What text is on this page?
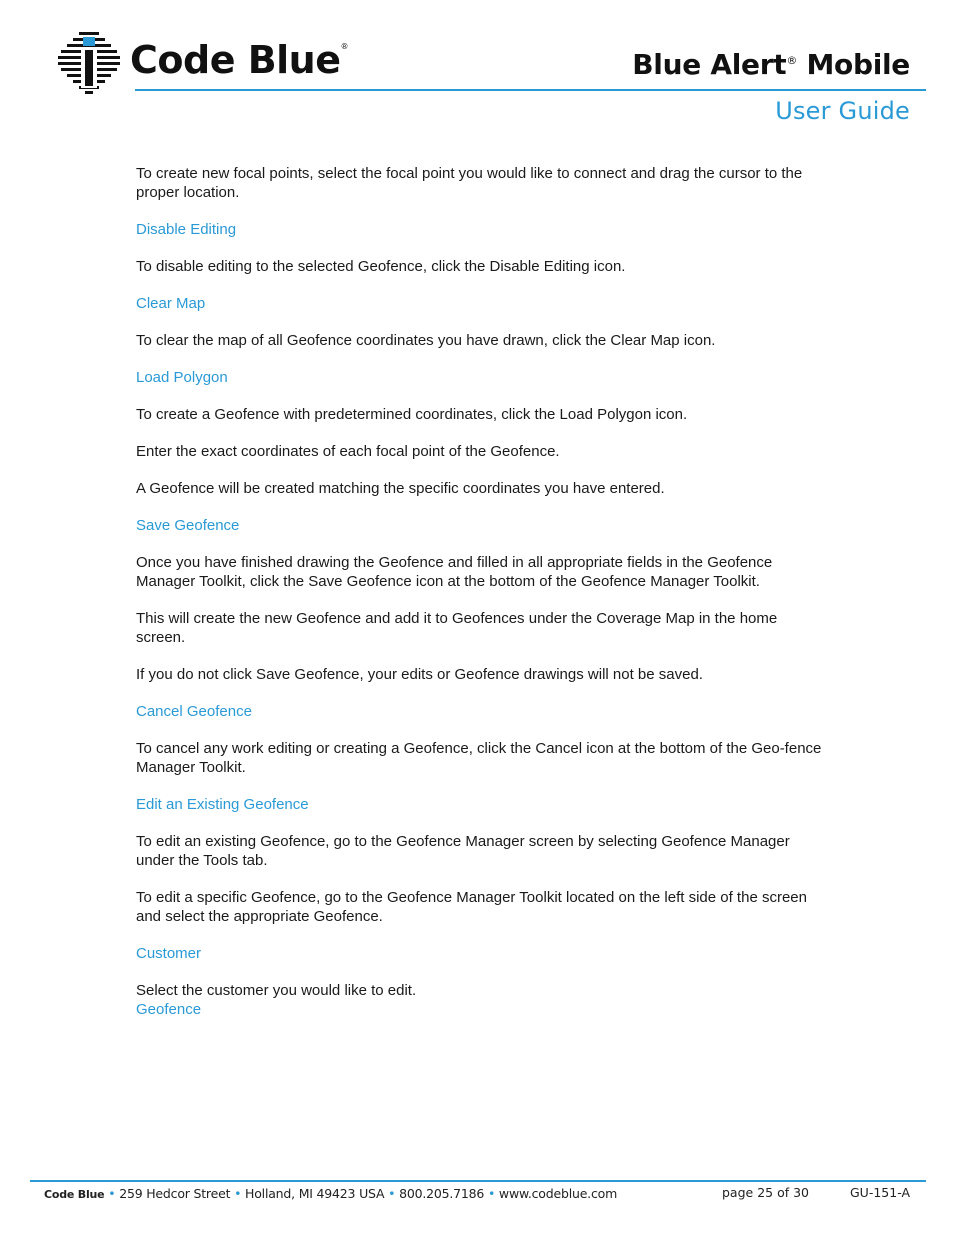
Code Blue®
Blue Alert® Mobile
User Guide

To create new focal points, select the focal point you would like to connect and drag the cursor to the proper location.

Disable Editing

To disable editing to the selected Geofence, click the Disable Editing icon.

Clear Map

To clear the map of all Geofence coordinates you have drawn, click the Clear Map icon.

Load Polygon

To create a Geofence with predetermined coordinates, click the Load Polygon icon.

Enter the exact coordinates of each focal point of the Geofence.

A Geofence will be created matching the specific coordinates you have entered.

Save Geofence

Once you have finished drawing the Geofence and filled in all appropriate fields in the Geofence Manager Toolkit, click the Save Geofence icon at the bottom of the Geofence Manager Toolkit.

This will create the new Geofence and add it to Geofences under the Coverage Map in the home screen.

If you do not click Save Geofence, your edits or Geofence drawings will not be saved.

Cancel Geofence

To cancel any work editing or creating a Geofence, click the Cancel icon at the bottom of the Geo-fence Manager Toolkit.

Edit an Existing Geofence

To edit an existing Geofence, go to the Geofence Manager screen by selecting Geofence Manager under the Tools tab.

To edit a specific Geofence, go to the Geofence Manager Toolkit located on the left side of the screen and select the appropriate Geofence.

Customer

Select the customer you would like to edit.

Geofence

Code Blue • 259 Hedcor Street • Holland, MI 49423 USA • 800.205.7186 • www.codeblue.com	page 25 of 30	GU-151-A
